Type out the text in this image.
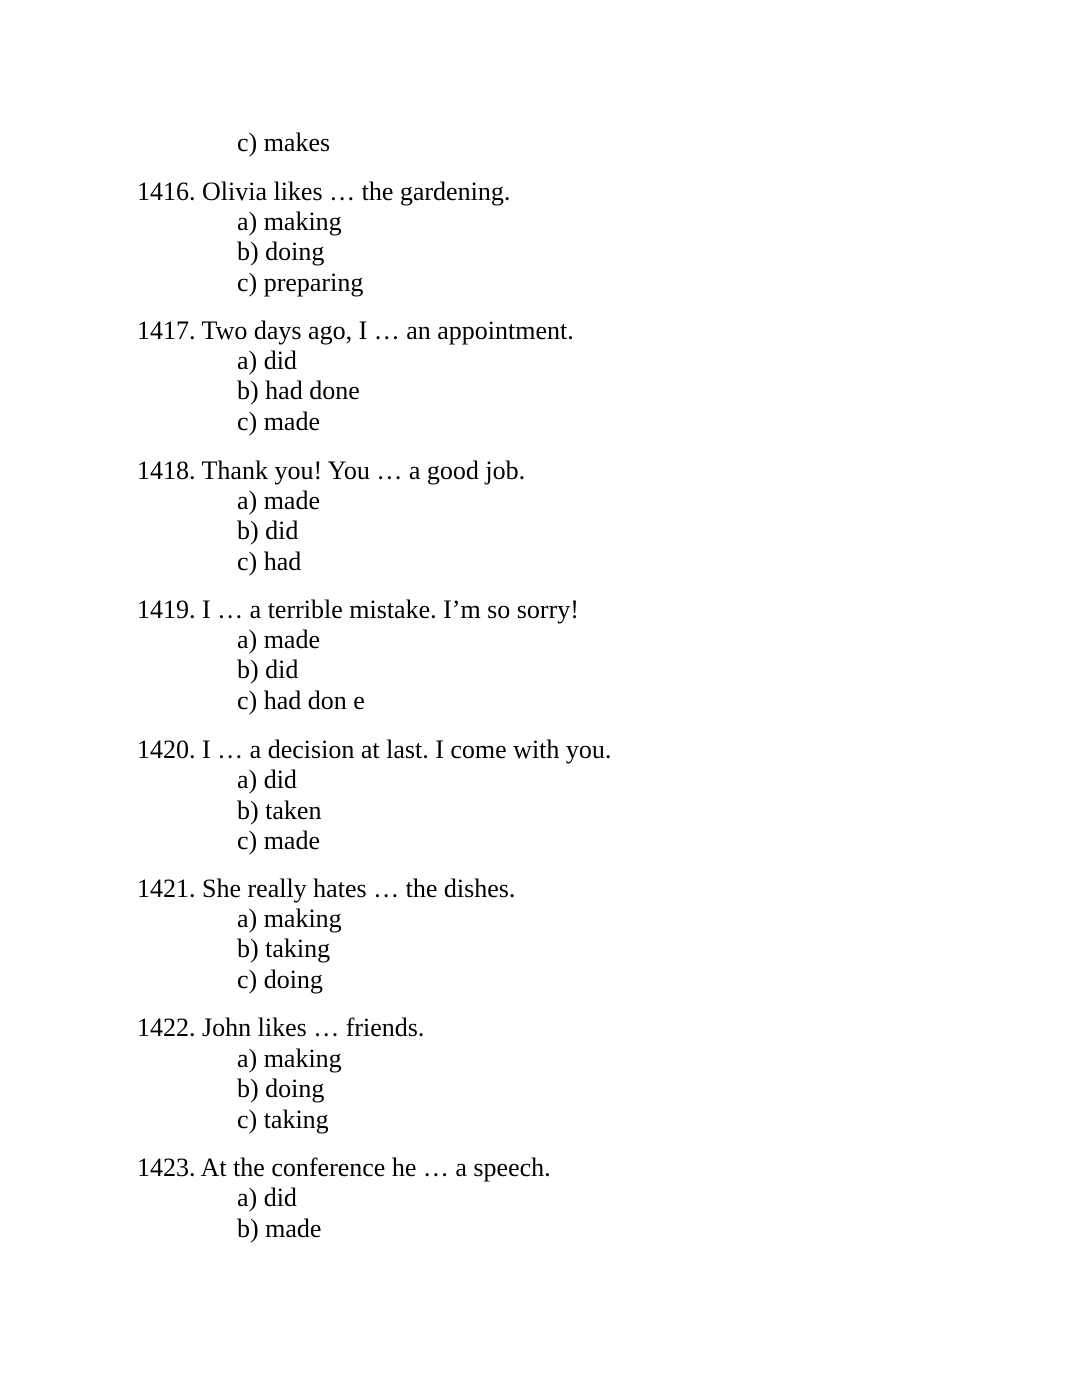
c) makes
1416. Olivia likes … the gardening.
a) making
b) doing
c) preparing
1417. Two days ago, I … an appointment.
a) did
b) had done
c) made
1418. Thank you! You … a good job.
a) made
b) did
c) had
1419. I … a terrible mistake. I’m so sorry!
a) made
b) did
c) had don e
1420. I … a decision at last. I come with you.
a) did
b) taken
c) made
1421. She really hates … the dishes.
a) making
b) taking
c) doing
1422. John likes … friends.
a) making
b) doing
c) taking
1423. At the conference he … a speech.
a) did
b) made
